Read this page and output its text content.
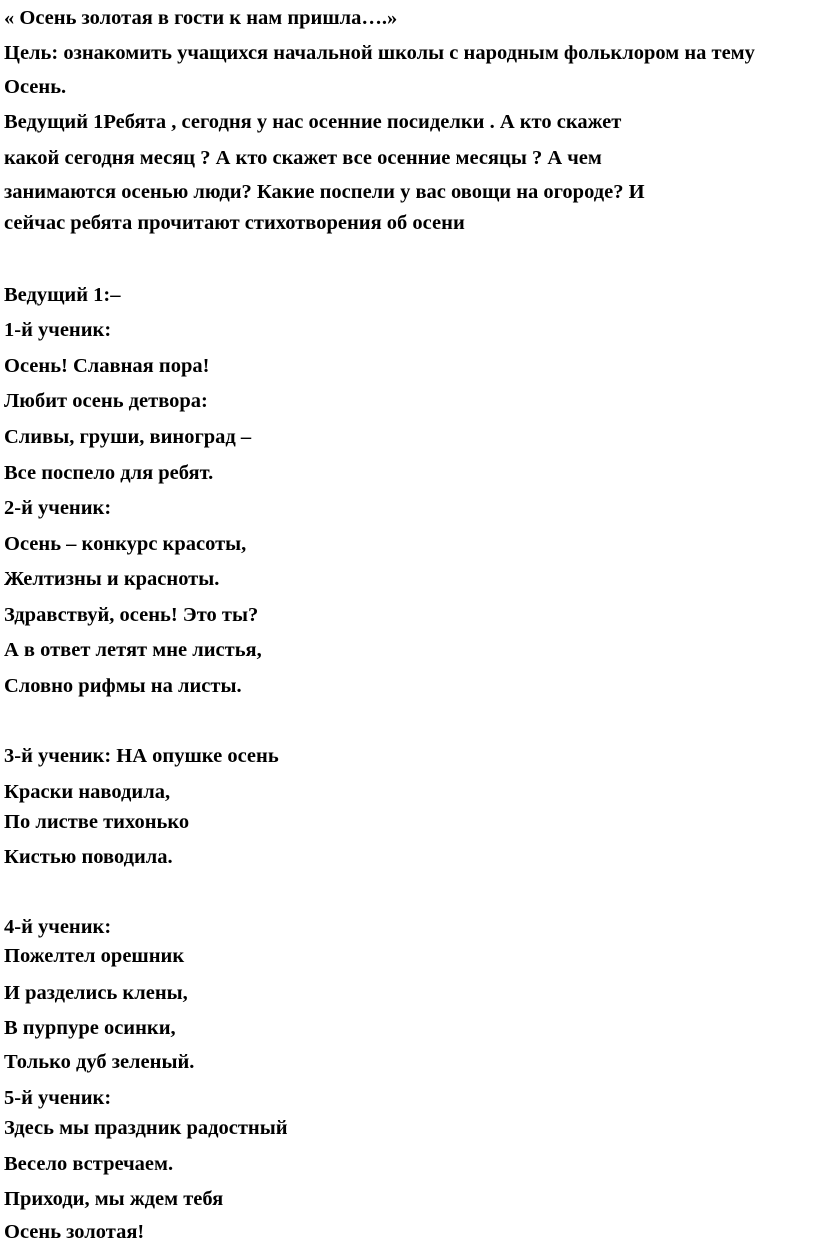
« Осень золотая в гости к нам пришла….»
Цель: ознакомить учащихся начальной школы с народным фольклором на тему Осень.
Ведущий 1Ребята , сегодня у нас осенние посиделки . А кто скажет
какой сегодня месяц ? А кто скажет все осенние месяцы ? А чем
занимаются осенью люди? Какие поспели у вас овощи на огороде? И
сейчас ребята прочитают стихотворения об осени
Ведущий 1:–
1-й ученик:
Осень! Славная пора!
Любит осень детвора:
Сливы, груши, виноград –
Все поспело для ребят.
2-й ученик:
Осень – конкурс красоты,
Желтизны и красноты.
Здравствуй, осень! Это ты?
А в ответ летят мне листья,
Словно рифмы на листы.
3-й ученик: НА опушке осень
Краски наводила,
По листве тихонько
Кистью поводила.
4-й ученик:
Пожелтел орешник
И разделись клены,
В пурпуре осинки,
Только дуб зеленый.
5-й ученик:
Здесь мы праздник радостный
Весело встречаем.
Приходи, мы ждем тебя
Осень золотая!
